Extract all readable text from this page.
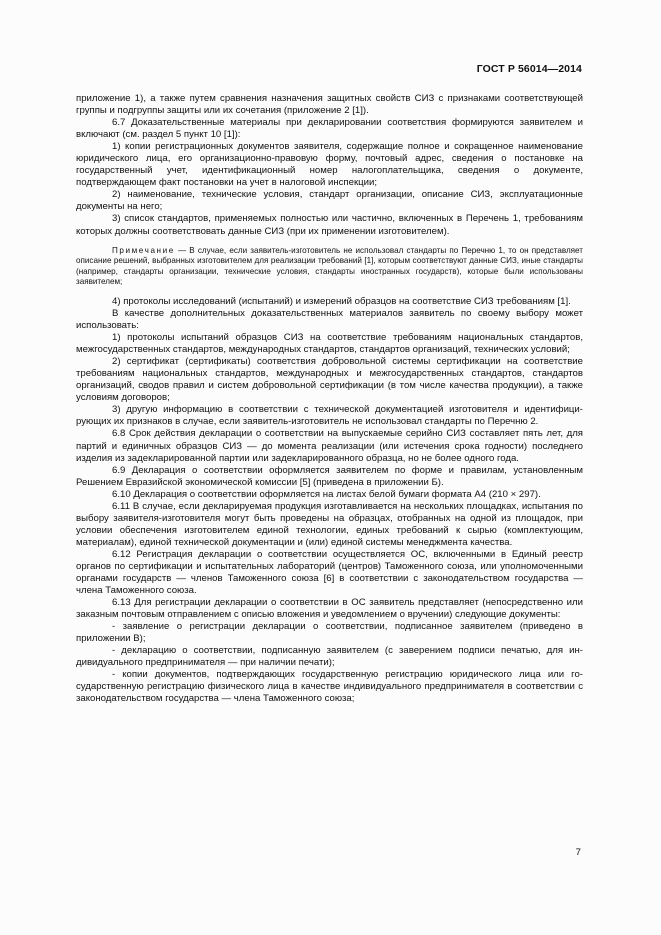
ГОСТ Р 56014—2014

приложение 1), а также путем сравнения назначения защитных свойств СИЗ с признаками соответствующей группы и подгруппы защиты или их сочетания (приложение 2 [1]).

6.7 Доказательственные материалы при декларировании соответствия формируются заявителем и включают (см. раздел 5 пункт 10 [1]):

1) копии регистрационных документов заявителя, содержащие полное и сокращенное наименование юридического лица, его организационно-правовую форму, почтовый адрес, сведения о постановке на государственный учет, идентификационный номер налогоплательщика, сведения о документе, подтверждающем факт постановки на учет в налоговой инспекции;

2) наименование, технические условия, стандарт организации, описание СИЗ, эксплуатационные документы на него;

3) список стандартов, применяемых полностью или частично, включенных в Перечень 1, требованиям которых должны соответствовать данные СИЗ (при их применении изготовителем).

Примечание — В случае, если заявитель-изготовитель не использовал стандарты по Перечню 1, то он представляет описание решений, выбранных изготовителем для реализации требований [1], которым соответствуют данные СИЗ, иные стандарты (например, стандарты организации, технические условия, стандарты иностранных государств), которые были использованы заявителем;

4) протоколы исследований (испытаний) и измерений образцов на соответствие СИЗ требованиям [1].

В качестве дополнительных доказательственных материалов заявитель по своему выбору может использовать:

1) протоколы испытаний образцов СИЗ на соответствие требованиям национальных стандартов, межгосударственных стандартов, международных стандартов, стандартов организаций, технических условий;

2) сертификат (сертификаты) соответствия добровольной системы сертификации на соответствие требованиям национальных стандартов, международных и межгосударственных стандартов, стандартов организаций, сводов правил и систем добровольной сертификации (в том числе качества продукции), а также условиям договоров;

3) другую информацию в соответствии с технической документацией изготовителя и идентифицирующих их признаков в случае, если заявитель-изготовитель не использовал стандарты по Перечню 2.

6.8 Срок действия декларации о соответствии на выпускаемые серийно СИЗ составляет пять лет, для партий и единичных образцов СИЗ — до момента реализации (или истечения срока годности) последнего изделия из задекларированной партии или задекларированного образца, но не более одного года.

6.9 Декларация о соответствии оформляется заявителем по форме и правилам, установленным Решением Евразийской экономической комиссии [5] (приведена в приложении Б).

6.10 Декларация о соответствии оформляется на листах белой бумаги формата А4 (210 × 297).

6.11 В случае, если декларируемая продукция изготавливается на нескольких площадках, испытания по выбору заявителя-изготовителя могут быть проведены на образцах, отобранных на одной из площадок, при условии обеспечения изготовителем единой технологии, единых требований к сырью (комплектующим, материалам), единой технической документации и (или) единой системы менеджмента качества.

6.12 Регистрация декларации о соответствии осуществляется ОС, включенными в Единый реестр органов по сертификации и испытательных лабораторий (центров) Таможенного союза, или уполномоченными органами государств — членов Таможенного союза [6] в соответствии с законодательством государства — члена Таможенного союза.

6.13 Для регистрации декларации о соответствии в ОС заявитель представляет (непосредственно или заказным почтовым отправлением с описью вложения и уведомлением о вручении) следующие документы:

- заявление о регистрации декларации о соответствии, подписанное заявителем (приведено в приложении В);

- декларацию о соответствии, подписанную заявителем (с заверением подписи печатью, для индивидуального предпринимателя — при наличии печати);

- копии документов, подтверждающих государственную регистрацию юридического лица или государственную регистрацию физического лица в качестве индивидуального предпринимателя в соответствии с законодательством государства — члена Таможенного союза;

7
